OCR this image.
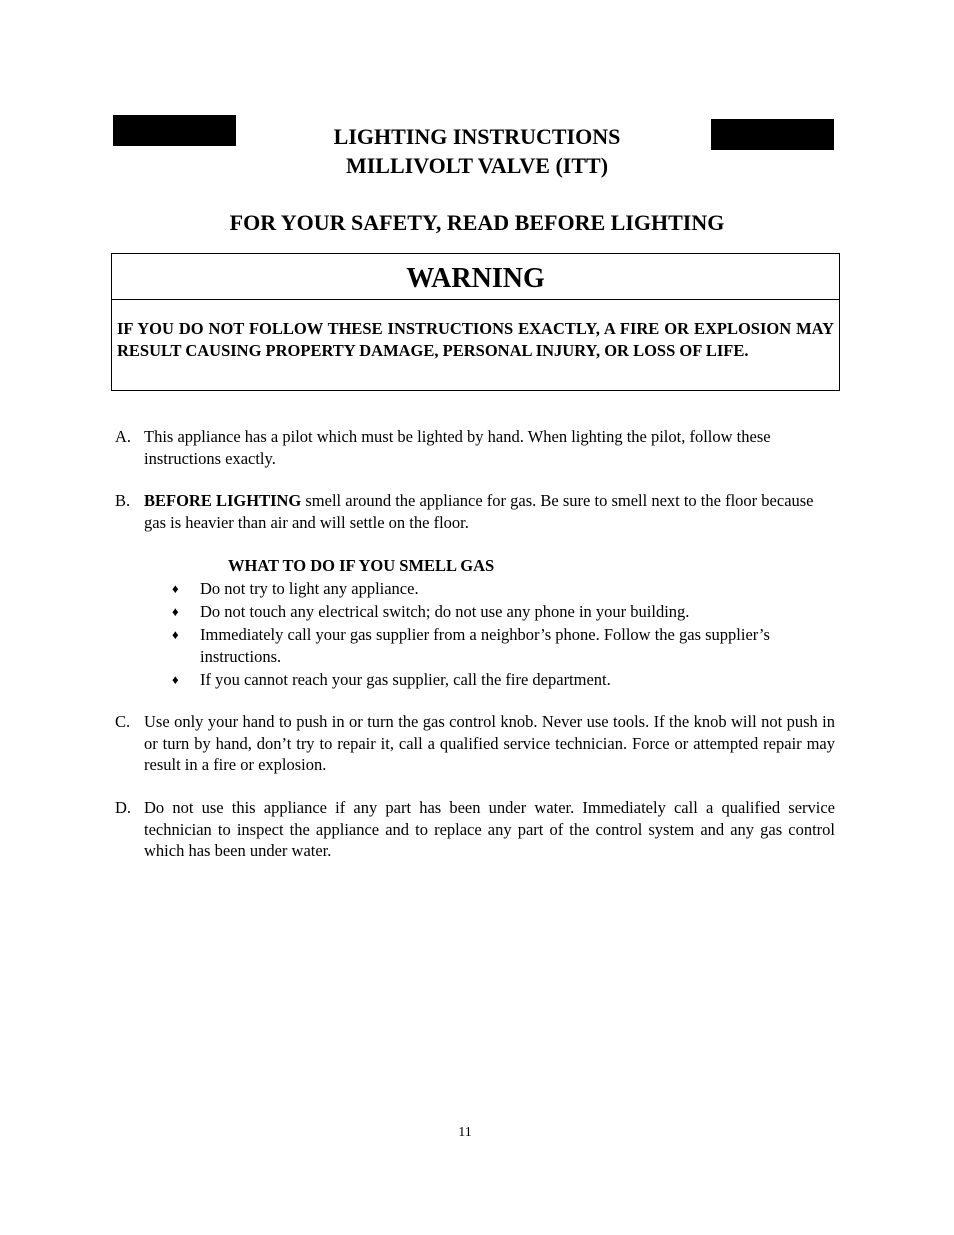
LIGHTING INSTRUCTIONS
MILLIVOLT VALVE (ITT)
FOR YOUR SAFETY, READ BEFORE LIGHTING
WARNING
IF YOU DO NOT FOLLOW THESE INSTRUCTIONS EXACTLY, A FIRE OR EXPLOSION MAY RESULT CAUSING PROPERTY DAMAGE, PERSONAL INJURY, OR LOSS OF LIFE.
A. This appliance has a pilot which must be lighted by hand. When lighting the pilot, follow these instructions exactly.
B. BEFORE LIGHTING smell around the appliance for gas. Be sure to smell next to the floor because gas is heavier than air and will settle on the floor.
WHAT TO DO IF YOU SMELL GAS
♦ Do not try to light any appliance.
♦ Do not touch any electrical switch; do not use any phone in your building.
♦ Immediately call your gas supplier from a neighbor’s phone. Follow the gas supplier’s instructions.
♦ If you cannot reach your gas supplier, call the fire department.
C. Use only your hand to push in or turn the gas control knob. Never use tools. If the knob will not push in or turn by hand, don’t try to repair it, call a qualified service technician. Force or attempted repair may result in a fire or explosion.
D. Do not use this appliance if any part has been under water. Immediately call a qualified service technician to inspect the appliance and to replace any part of the control system and any gas control which has been under water.
11
